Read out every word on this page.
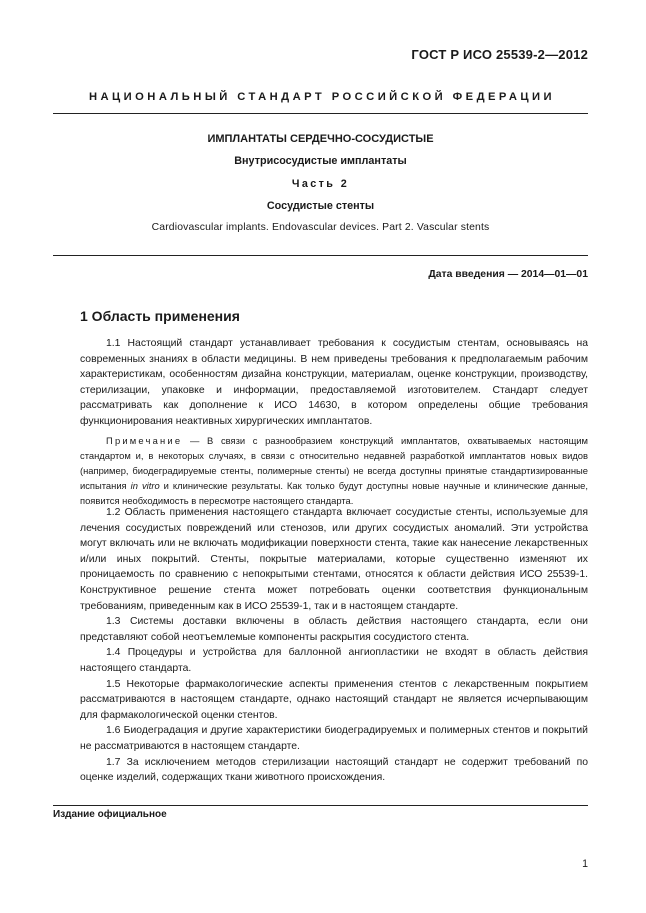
ГОСТ Р ИСО 25539-2—2012
НАЦИОНАЛЬНЫЙ СТАНДАРТ РОССИЙСКОЙ ФЕДЕРАЦИИ
ИМПЛАНТАТЫ СЕРДЕЧНО-СОСУДИСТЫЕ
Внутрисосудистые имплантаты
Часть 2
Сосудистые стенты
Cardiovascular implants. Endovascular devices. Part 2. Vascular stents
Дата введения — 2014—01—01
1 Область применения

1.1 Настоящий стандарт устанавливает требования к сосудистым стентам, основываясь на современных знаниях в области медицины. В нем приведены требования к предполагаемым рабочим характеристикам, особенностям дизайна конструкции, материалам, оценке конструкции, производству, стерилизации, упаковке и информации, предоставляемой изготовителем. Стандарт следует рассматривать как дополнение к ИСО 14630, в котором определены общие требования функционирования неактивных хирургических имплантатов.

Примечание — В связи с разнообразием конструкций имплантатов, охватываемых настоящим стандартом и, в некоторых случаях, в связи с относительно недавней разработкой имплантатов новых видов (например, биодеградируемые стенты, полимерные стенты) не всегда доступны принятые стандартизированные испытания in vitro и клинические результаты. Как только будут доступны новые научные и клинические данные, появится необходимость в пересмотре настоящего стандарта.

1.2 Область применения настоящего стандарта включает сосудистые стенты, используемые для лечения сосудистых повреждений или стенозов, или других сосудистых аномалий. Эти устройства могут включать или не включать модификации поверхности стента, такие как нанесение лекарственных и/или иных покрытий. Стенты, покрытые материалами, которые существенно изменяют их проницаемость по сравнению с непокрытыми стентами, относятся к области действия ИСО 25539-1. Конструктивное решение стента может потребовать оценки соответствия функциональным требованиям, приведенным как в ИСО 25539-1, так и в настоящем стандарте.

1.3 Системы доставки включены в область действия настоящего стандарта, если они представляют собой неотъемлемые компоненты раскрытия сосудистого стента.

1.4 Процедуры и устройства для баллонной ангиопластики не входят в область действия настоящего стандарта.

1.5 Некоторые фармакологические аспекты применения стентов с лекарственным покрытием рассматриваются в настоящем стандарте, однако настоящий стандарт не является исчерпывающим для фармакологической оценки стентов.

1.6 Биодеградация и другие характеристики биодеградируемых и полимерных стентов и покрытий не рассматриваются в настоящем стандарте.

1.7 За исключением методов стерилизации настоящий стандарт не содержит требований по оценке изделий, содержащих ткани животного происхождения.

Издание официальное
1
